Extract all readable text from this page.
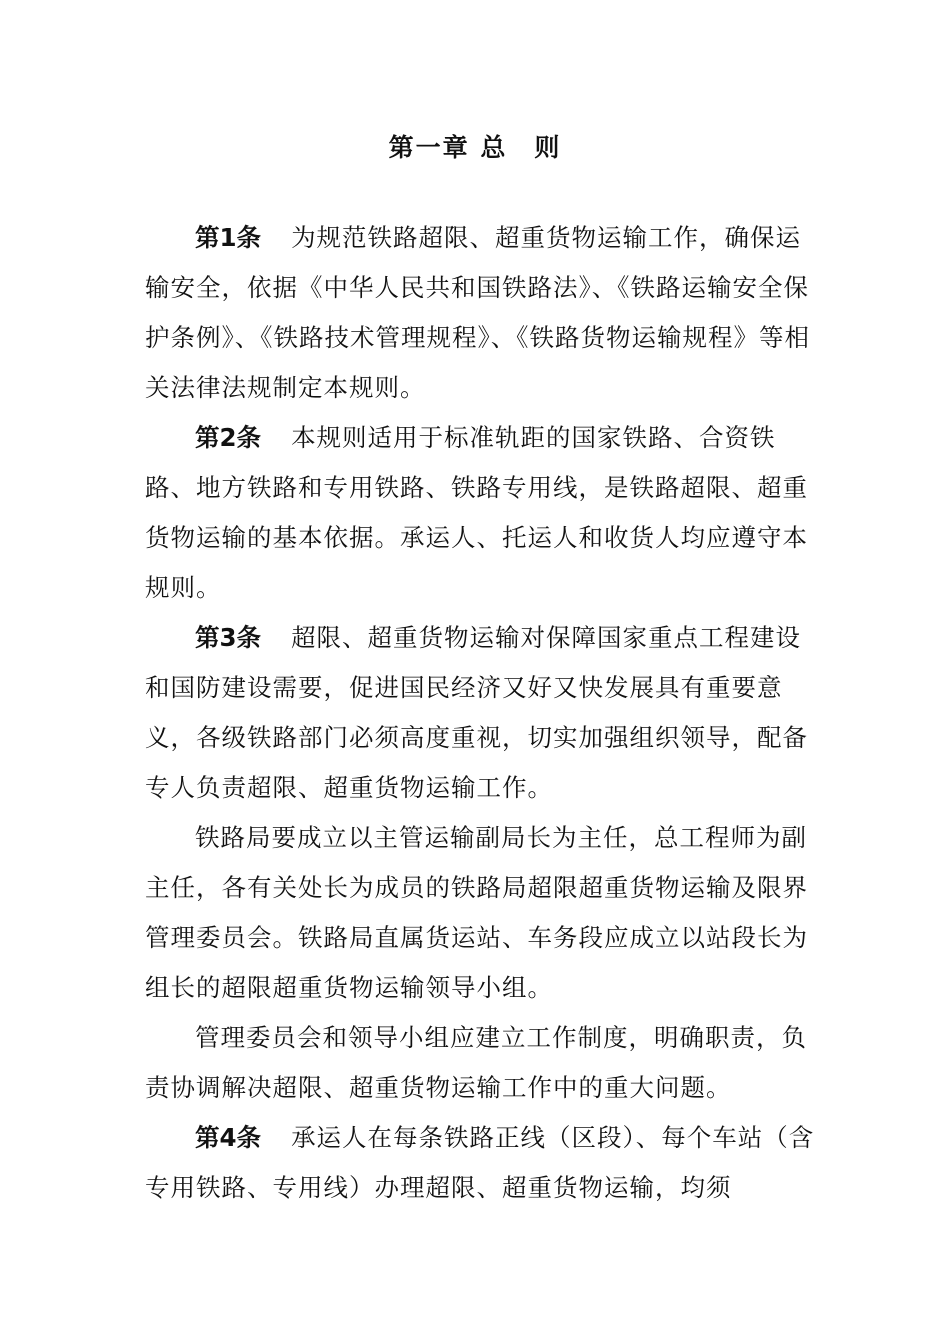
第一章 总　则

第1条 为规范铁路超限、超重货物运输工作，确保运输安全，依据《中华人民共和国铁路法》、《铁路运输安全保护条例》、《铁路技术管理规程》、《铁路货物运输规程》等相关法律法规制定本规则。

第2条 本规则适用于标准轨距的国家铁路、合资铁路、地方铁路和专用铁路、铁路专用线，是铁路超限、超重货物运输的基本依据。承运人、托运人和收货人均应遵守本规则。

第3条 超限、超重货物运输对保障国家重点工程建设和国防建设需要，促进国民经济又好又快发展具有重要意义，各级铁路部门必须高度重视，切实加强组织领导，配备专人负责超限、超重货物运输工作。

铁路局要成立以主管运输副局长为主任，总工程师为副主任，各有关处长为成员的铁路局超限超重货物运输及限界管理委员会。铁路局直属货运站、车务段应成立以站段长为组长的超限超重货物运输领导小组。

管理委员会和领导小组应建立工作制度，明确职责，负责协调解决超限、超重货物运输工作中的重大问题。

第4条 承运人在每条铁路正线（区段）、每个车站（含专用铁路、专用线）办理超限、超重货物运输，均须
